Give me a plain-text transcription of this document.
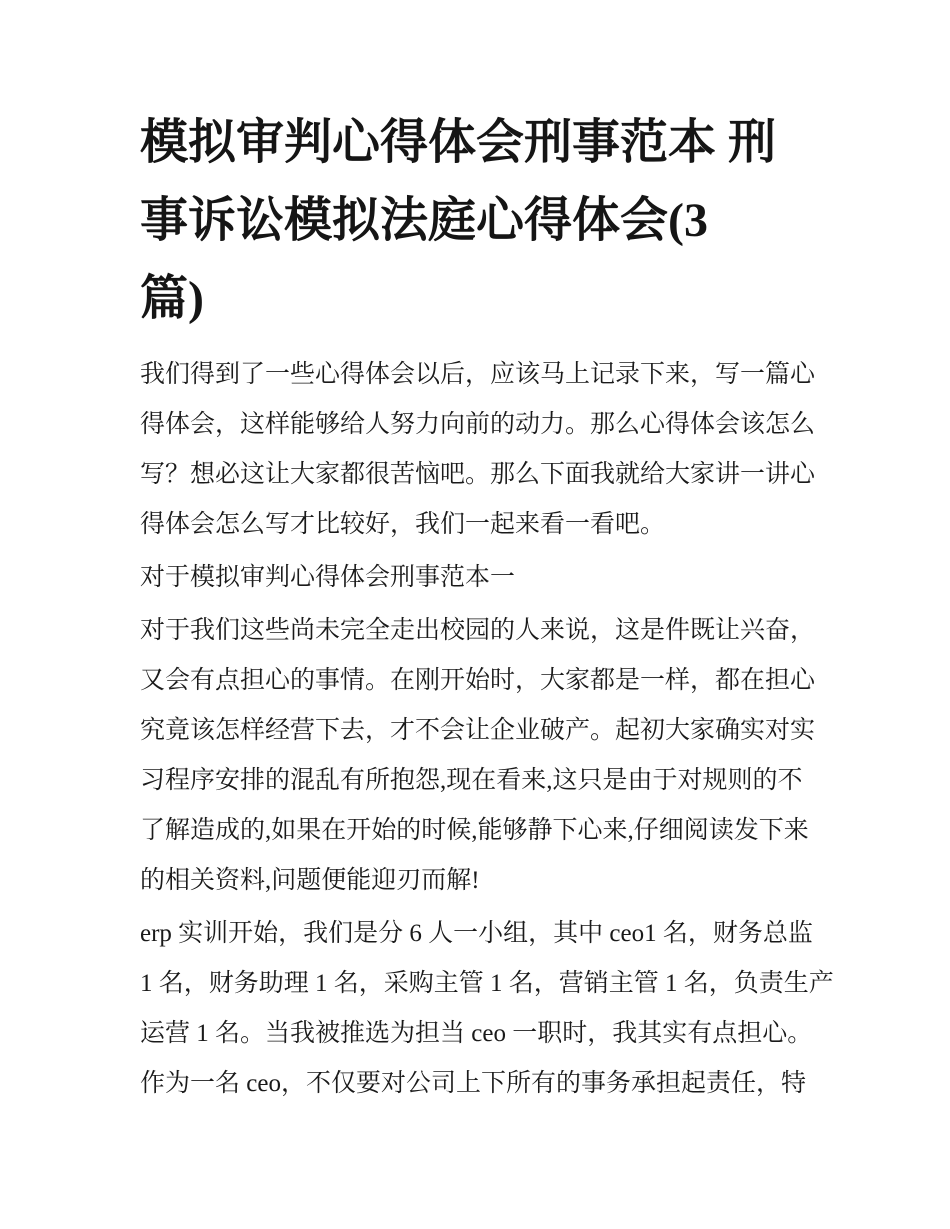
模拟审判心得体会刑事范本 刑
事诉讼模拟法庭心得体会(3
篇)
我们得到了一些心得体会以后，应该马上记录下来，写一篇心
得体会，这样能够给人努力向前的动力。那么心得体会该怎么
写？想必这让大家都很苦恼吧。那么下面我就给大家讲一讲心
得体会怎么写才比较好，我们一起来看一看吧。
对于模拟审判心得体会刑事范本一
对于我们这些尚未完全走出校园的人来说，这是件既让兴奋，
又会有点担心的事情。在刚开始时，大家都是一样，都在担心
究竟该怎样经营下去，才不会让企业破产。起初大家确实对实
习程序安排的混乱有所抱怨,现在看来,这只是由于对规则的不
了解造成的,如果在开始的时候,能够静下心来,仔细阅读发下来
的相关资料,问题便能迎刃而解!
erp 实训开始，我们是分 6 人一小组，其中 ceo1 名，财务总监
1 名，财务助理 1 名，采购主管 1 名，营销主管 1 名，负责生产
运营 1 名。当我被推选为担当 ceo 一职时，我其实有点担心。
作为一名 ceo，不仅要对公司上下所有的事务承担起责任，特
